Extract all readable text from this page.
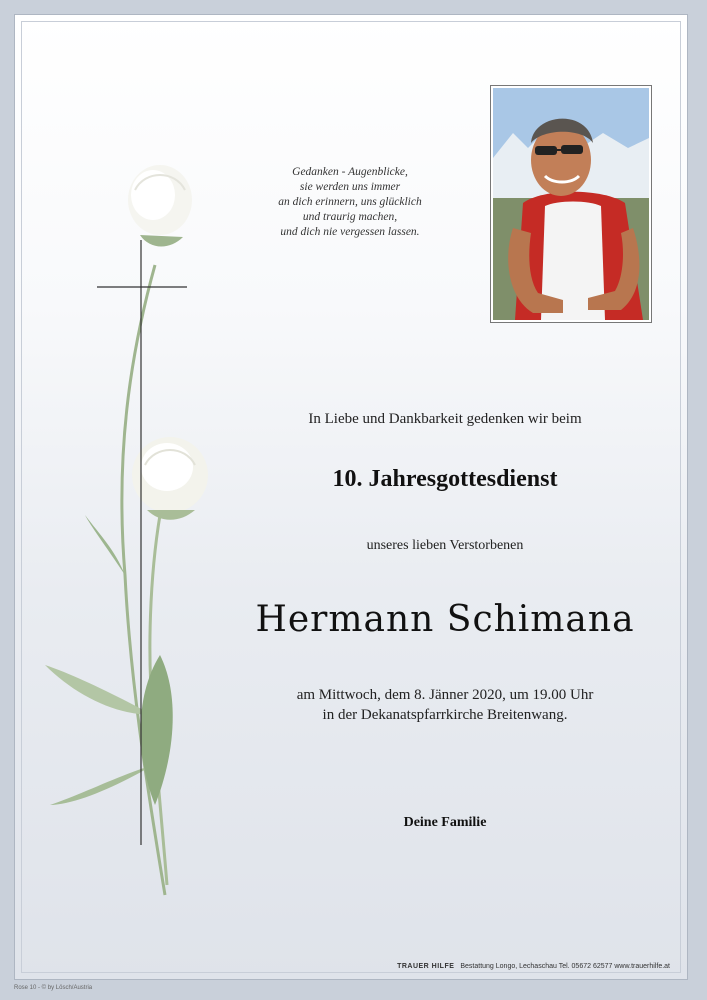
Gedanken - Augenblicke,
sie werden uns immer
an dich erinnern, uns glücklich
und traurig machen,
und dich nie vergessen lassen.
In Liebe und Dankbarkeit gedenken wir beim
10. Jahresgottesdienst
unseres lieben Verstorbenen
Hermann Schimana
am Mittwoch, dem 8. Jänner 2020, um 19.00 Uhr
in der Dekanatspfarrkirche Breitenwang.
Deine Familie
TRAUER HILFE Bestattung Longo, Lechaschau Tel. 05672 62577 www.trauerhilfe.at
Rose 10 - © by Lösch/Austria
